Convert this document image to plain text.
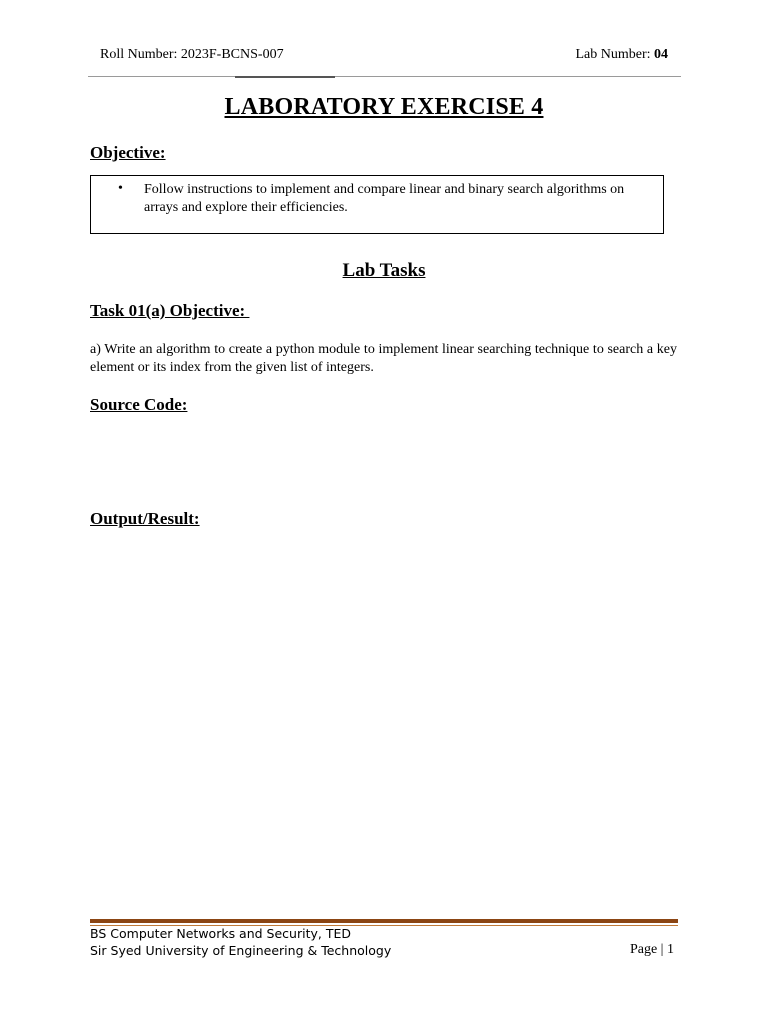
Roll Number: 2023F-BCNS-007	Lab Number: 04
LABORATORY EXERCISE 4
Objective:
• Follow instructions to implement and compare linear and binary search algorithms on arrays and explore their efficiencies.
Lab Tasks
Task 01(a) Objective:
a) Write an algorithm to create a python module to implement linear searching technique to search a key element or its index from the given list of integers.
Source Code:
Output/Result:
BS Computer Networks and Security, TED
Sir Syed University of Engineering & Technology	Page | 1
